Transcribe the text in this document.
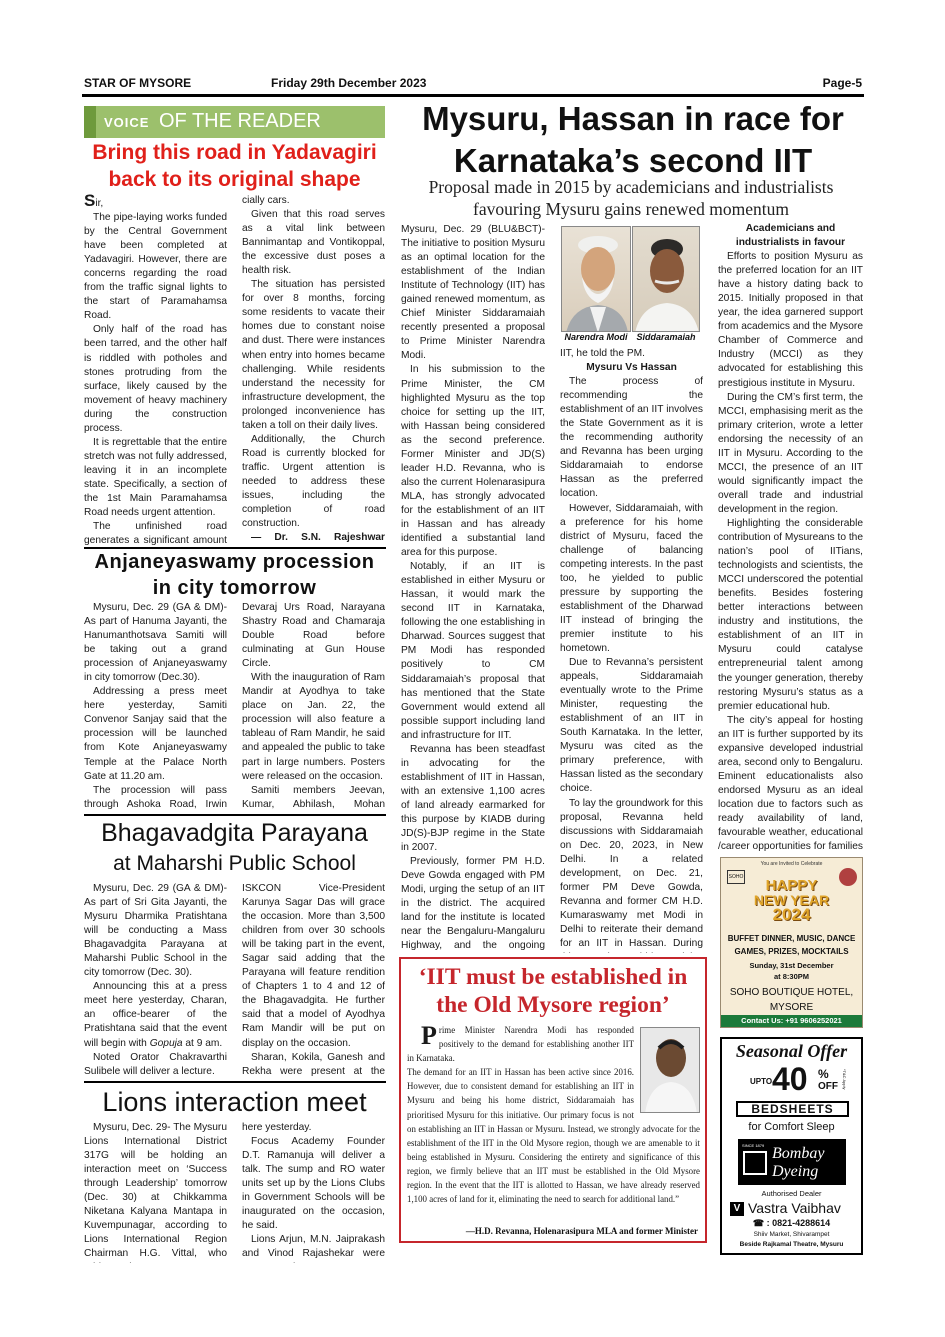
STAR OF MYSORE	Friday 29th December 2023	Page-5
VOICE OF THE READER
Bring this road in Yadavagiri
back to its original shape

Sir,

The pipe-laying works funded by the Central Government have been completed at Yadavagiri. However, there are concerns regarding the road from the traffic signal lights to the start of Paramahamsa Road.

Only half of the road has been tarred, and the other half is riddled with potholes and stones protruding from the surface, likely caused by the movement of heavy machinery during the construction process.

It is regrettable that the entire stretch was not fully addressed, leaving it in an incomplete state. Specifically, a section of the 1st Main Paramahamsa Road needs urgent attention.

The unfinished road generates a significant amount

cially cars.

Given that this road serves as a vital link between Bannimantap and Vontikoppal, the excessive dust poses a health risk.

The situation has persisted for over 8 months, forcing some residents to vacate their homes due to constant noise and dust. There were instances when entry into homes became challenging. While residents understand the necessity for infrastructure development, the prolonged inconvenience has taken a toll on their daily lives.

Additionally, the Church Road is currently blocked for traffic. Urgent attention is needed to address these issues, including the completion of road construction.

— Dr. S.N. Rajeshwar

Anjaneyaswamy procession
in city tomorrow

Mysuru, Dec. 29 (GA & DM)- As part of Hanuma Jayanti, the Hanumanthotsava Samiti will be taking out a grand procession of Anjaneyaswamy in city tomorrow (Dec.30).

Addressing a press meet here yesterday, Samiti Convenor Sanjay said that the procession will be launched from Kote Anjaneyaswamy Temple at the Palace North Gate at 11.20 am.

The procession will pass through Ashoka Road, Irwin

Devaraj Urs Road, Narayana Shastry Road and Chamaraja Double Road before culminating at Gun House Circle.

With the inauguration of Ram Mandir at Ayodhya to take place on Jan. 22, the procession will also feature a tableau of Ram Mandir, he said and appealed the public to take part in large numbers. Posters were released on the occasion.

Samiti members Jeevan, Kumar, Abhilash, Mohan

Bhagavadgita Parayana
at Maharshi Public School

Mysuru, Dec. 29 (GA & DM)- As part of Sri Gita Jayanti, the Mysuru Dharmika Pratishtana will be conducting a Mass Bhagavadgita Parayana at Maharshi Public School in the city tomorrow (Dec. 30).

Announcing this at a press meet here yesterday, Charan, an office-bearer of the Pratishtana said that the event will begin with Gopuja at 9 am.

Noted Orator Chakravarthi Sulibele will deliver a lecture.

ISKCON Vice-President Karunya Sagar Das will grace the occasion. More than 3,500 children from over 30 schools will be taking part in the event, Sagar said adding that the Parayana will feature rendition of Chapters 1 to 4 and 12 of the Bhagavadgita. He further said that a model of Ayodhya Ram Mandir will be put on display on the occasion.

Sharan, Kokila, Ganesh and Rekha were present at the

Lions interaction meet

Mysuru, Dec. 29- The Mysuru Lions International District 317G will be holding an interaction meet on ‘Success through Leadership’ tomorrow (Dec. 30) at Chikkamma Niketana Kalyana Mantapa in Kuvempunagar, according to Lions International Region Chairman H.G. Vittal, who

here yesterday.

Focus Academy Founder D.T. Ramanuja will deliver a talk. The sump and RO water units set up by the Lions Clubs in Government Schools will be inaugurated on the occasion, he said.

Lions Arjun, M.N. Jaiprakash and Vinod Rajashekar were

Mysuru, Hassan in race for
Karnataka’s second IIT
Proposal made in 2015 by academicians and industrialists
favouring Mysuru gains renewed momentum

Mysuru, Dec. 29 (BLU&BCT)- The initiative to position Mysuru as an optimal location for the establishment of the Indian Institute of Technology (IIT) has gained renewed momentum, as Chief Minister Siddaramaiah recently presented a proposal to Prime Minister Narendra Modi.

In his submission to the Prime Minister, the CM highlighted Mysuru as the top choice for setting up the IIT, with Hassan being considered as the second preference. Former Minister and JD(S) leader H.D. Revanna, who is also the current Holenarasipura MLA, has strongly advocated for the establishment of an IIT in Hassan and has already identified a substantial land area for this purpose.

Notably, if an IIT is established in either Mysuru or Hassan, it would mark the second IIT in Karnataka, following the one establishing in Dharwad. Sources suggest that PM Modi has responded positively to CM Siddaramaiah’s proposal that has mentioned that the State Government would extend all possible support including land and infrastructure for IIT.

Revanna has been steadfast in advocating for the establishment of IIT in Hassan, with an extensive 1,100 acres of land already earmarked for this purpose by KIADB during JD(S)-BJP regime in the State in 2007.

Previously, former PM H.D. Deve Gowda engaged with PM Modi, urging the setup of an IIT in the district. The acquired land for the institute is located near the Bengaluru-Mangaluru Highway, and the ongoing

Narendra Modi Siddaramaiah

IIT, he told the PM.

Mysuru Vs Hassan

The process of recommending the establishment of an IIT involves the State Government as it is the recommending authority and Revanna has been urging Siddaramaiah to endorse Hassan as the preferred location.

However, Siddaramaiah, with a preference for his home district of Mysuru, faced the challenge of balancing competing interests. In the past too, he yielded to public pressure by supporting the establishment of the Dharwad IIT instead of bringing the premier institute to his hometown.

Due to Revanna’s persistent appeals, Siddaramaiah eventually wrote to the Prime Minister, requesting the establishment of an IIT in South Karnataka. In the letter, Mysuru was cited as the primary preference, with Hassan listed as the secondary choice.

To lay the groundwork for this proposal, Revanna held discussions with Siddaramaiah on Dec. 20, 2023, in New Delhi. In a related development, on Dec. 21, former PM Deve Gowda, Revanna and former CM H.D. Kumaraswamy met Modi in Delhi to reiterate their demand for an IIT in Hassan. During

Academicians and

industrialists in favour

Efforts to position Mysuru as the preferred location for an IIT have a history dating back to 2015. Initially proposed in that year, the idea garnered support from academics and the Mysore Chamber of Commerce and Industry (MCCI) as they advocated for establishing this prestigious institute in Mysuru.

During the CM’s first term, the MCCI, emphasising merit as the primary criterion, wrote a letter endorsing the necessity of an IIT in Mysuru. According to the MCCI, the presence of an IIT would significantly impact the overall trade and industrial development in the region.

Highlighting the considerable contribution of Mysureans to the nation’s pool of IITians, technologists and scientists, the MCCI underscored the potential benefits. Besides fostering better interactions between industry and institutions, the establishment of an IIT in Mysuru could catalyse entrepreneurial talent among the younger generation, thereby restoring Mysuru’s status as a premier educational hub.

The city’s appeal for hosting an IIT is further supported by its expansive developed industrial area, second only to Bengaluru. Eminent educationalists also endorsed Mysuru as an ideal location due to factors such as ready availability of land, favourable weather, educational /career opportunities for families

‘IIT must be established in
the Old Mysore region’
Prime Minister Narendra Modi has responded positively to the demand for establishing another IIT in Karnataka.
The demand for an IIT in Hassan has been active since 2016. However, due to consistent demand for establishing an IIT in Mysuru and being his home district, Siddaramaiah has prioritised Mysuru for this initiative. Our primary focus is not on establishing an IIT in Hassan or Mysuru. Instead, we strongly advocate for the establishment of the IIT in the Old Mysore region, though we are amenable to it being established in Mysuru. Considering the entirety and significance of this region, we firmly believe that an IIT must be established in the Old Mysore region. In the event that the IIT is allotted to Hassan, we have already reserved 1,100 acres of land for it, eliminating the need to search for additional land.”
—H.D. Revanna, Holenarasipura MLA and former Minister
You are Invited to Celebrate
SOHO	HAPPY
NEW YEAR
2024
BUFFET DINNER, MUSIC, DANCE
GAMES, PRIZES, MOCKTAILS
Sunday, 31st December
at 8:30PM
SOHO BOUTIQUE HOTEL,
MYSORE
Contact Us: +91 9606252021
Seasonal Offer
UPTO 40 %
OFF *T&C Apply
BEDSHEETS
for Comfort Sleep
SINCE 1879 Bombay
Dyeing
Authorised Dealer
V Vastra Vaibhav
☎ : 0821-4288614
Shiiv Market, Shivarampet
Beside Rajkamal Theatre, Mysuru
